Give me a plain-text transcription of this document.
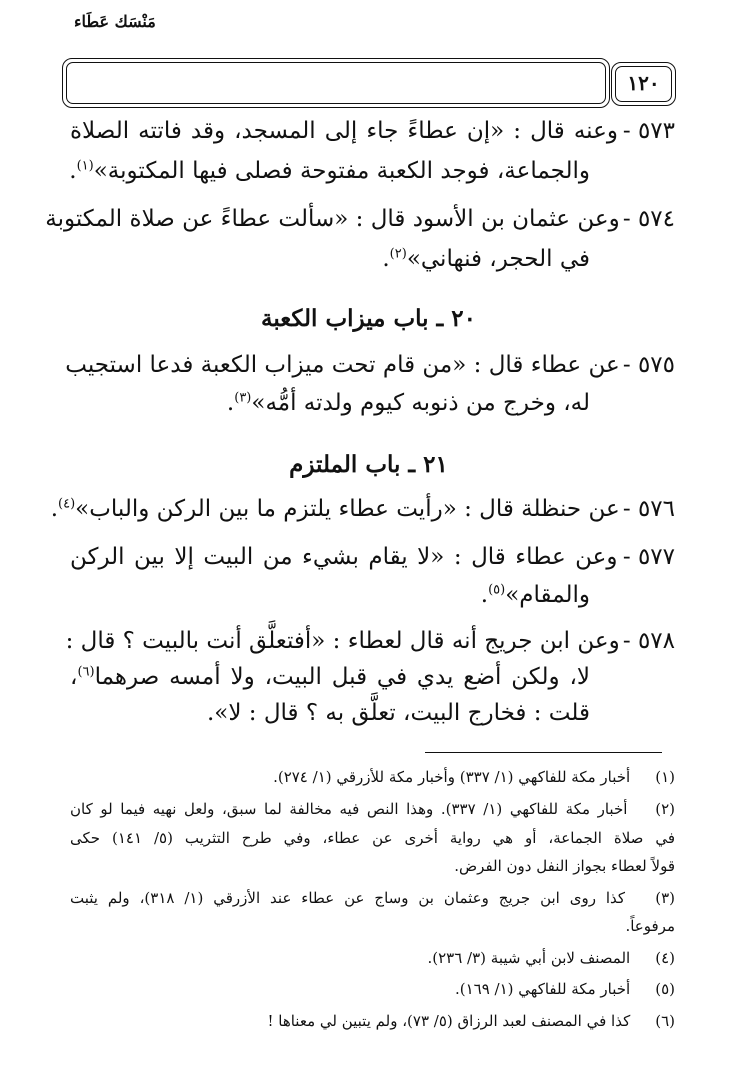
١٢٠
مَنْسَك عَطَاء
٥٧٣ - وعنه قال : «إن عطاءً جاء إلى المسجد، وقد فاتته الصلاة
والجماعة، فوجد الكعبة مفتوحة فصلى فيها المكتوبة»$^{(١)}$.
٥٧٤ - وعن عثمان بن الأسود قال : «سألت عطاءً عن صلاة المكتوبة
في الحجر، فنهاني»$^{(٢)}$.
٢٠ ـ باب ميزاب الكعبة
٥٧٥ - عن عطاء قال : «من قام تحت ميزاب الكعبة فدعا استجيب
له، وخرج من ذنوبه كيوم ولدته أمُّه»$^{(٣)}$.
٢١ ـ باب الملتزم
٥٧٦ - عن حنظلة قال : «رأيت عطاء يلتزم ما بين الركن والباب»$^{(٤)}$.
٥٧٧ - وعن عطاء قال : «لا يقام بشيء من البيت إلا بين الركن
والمقام»$^{(٥)}$.
٥٧٨ - وعن ابن جريج أنه قال لعطاء : «أفتعلَّق أنت بالبيت ؟ قال :
لا، ولكن أضع يدي في قبل البيت، ولا أمسه صرهما$^{(٦)}$،
قلت : فخارج البيت، تعلَّق به ؟ قال : لا».
(١) أخبار مكة للفاكهي (١/ ٣٣٧) وأخبار مكة للأزرقي (١/ ٢٧٤).
(٢) أخبار مكة للفاكهي (١/ ٣٣٧). وهذا النص فيه مخالفة لما سبق، ولعل نهيه فيما لو كان
في صلاة الجماعة، أو هي رواية أخرى عن عطاء، وفي طرح التثريب (٥/ ١٤١) حكى
قولاً لعطاء بجواز النفل دون الفرض.
(٣) كذا روى ابن جريج وعثمان بن وساج عن عطاء عند الأزرقي (١/ ٣١٨)، ولم يثبت
مرفوعاً.
(٤) المصنف لابن أبي شيبة (٣/ ٢٣٦).
(٥) أخبار مكة للفاكهي (١/ ١٦٩).
(٦) كذا في المصنف لعبد الرزاق (٥/ ٧٣)، ولم يتبين لي معناها !
